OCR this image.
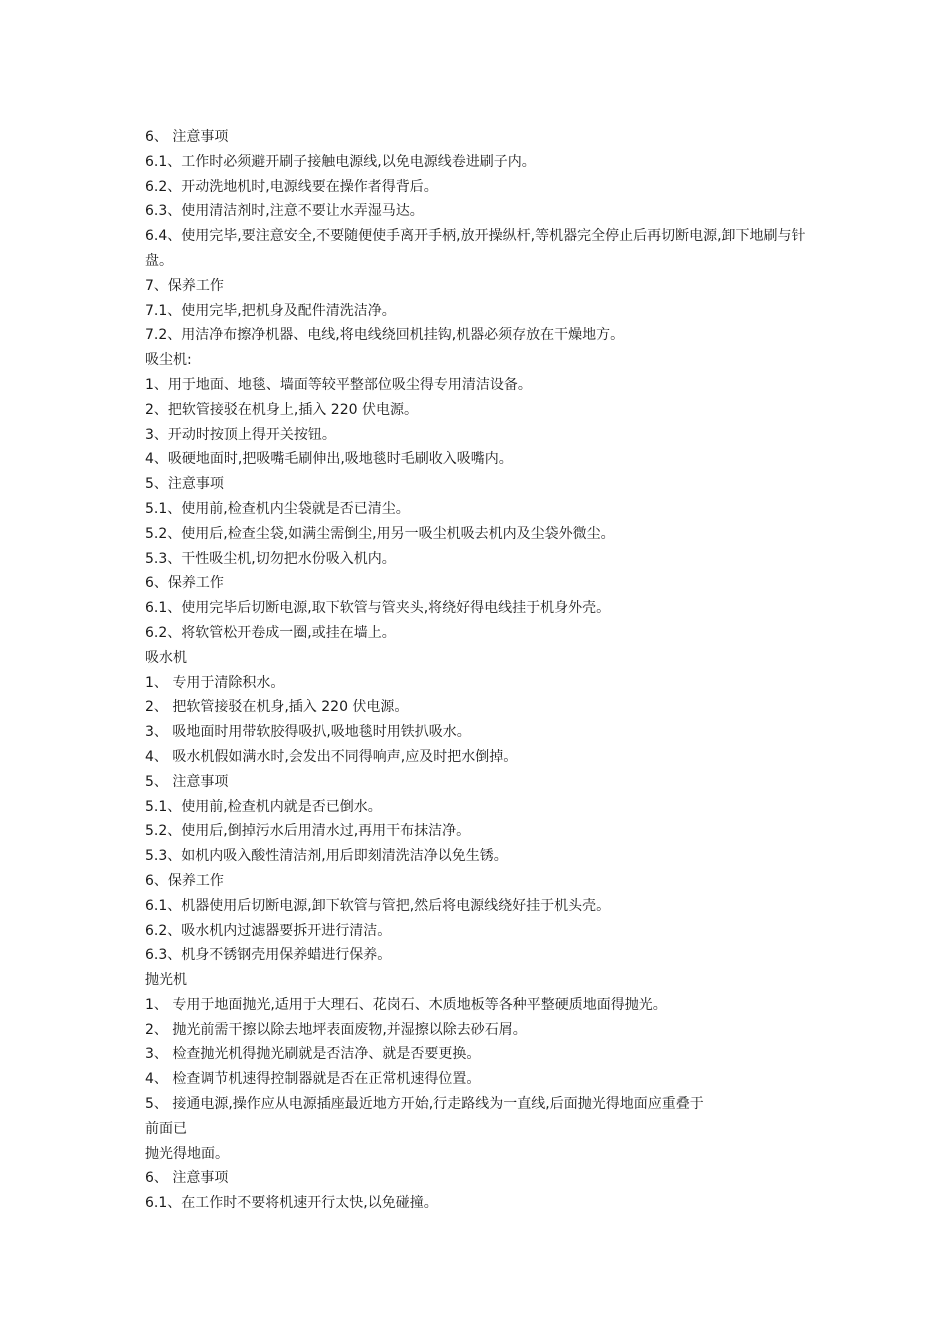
6、 注意事项
6.1、工作时必须避开刷子接触电源线,以免电源线卷进刷子内。
6.2、开动洗地机时,电源线要在操作者得背后。
6.3、使用清洁剂时,注意不要让水弄湿马达。
6.4、使用完毕,要注意安全,不要随便使手离开手柄,放开操纵杆,等机器完全停止后再切断电源,卸下地刷与针盘。
7、保养工作
7.1、使用完毕,把机身及配件清洗洁净。
7.2、用洁净布擦净机器、电线,将电线绕回机挂钩,机器必须存放在干燥地方。
吸尘机:
1、用于地面、地毯、墙面等较平整部位吸尘得专用清洁设备。
2、把软管接驳在机身上,插入 220 伏电源。
3、开动时按顶上得开关按钮。
4、吸硬地面时,把吸嘴毛刷伸出,吸地毯时毛刷收入吸嘴内。
5、注意事项
5.1、使用前,检查机内尘袋就是否已清尘。
5.2、使用后,检查尘袋,如满尘需倒尘,用另一吸尘机吸去机内及尘袋外微尘。
5.3、干性吸尘机,切勿把水份吸入机内。
6、保养工作
6.1、使用完毕后切断电源,取下软管与管夹头,将绕好得电线挂于机身外壳。
6.2、将软管松开卷成一圈,或挂在墙上。
吸水机
1、 专用于清除积水。
2、 把软管接驳在机身,插入 220 伏电源。
3、 吸地面时用带软胶得吸扒,吸地毯时用铁扒吸水。
4、 吸水机假如满水时,会发出不同得响声,应及时把水倒掉。
5、 注意事项
5.1、使用前,检查机内就是否已倒水。
5.2、使用后,倒掉污水后用清水过,再用干布抹洁净。
5.3、如机内吸入酸性清洁剂,用后即刻清洗洁净以免生锈。
6、保养工作
6.1、机器使用后切断电源,卸下软管与管把,然后将电源线绕好挂于机头壳。
6.2、吸水机内过滤器要拆开进行清洁。
6.3、机身不锈钢壳用保养蜡进行保养。
抛光机
1、 专用于地面抛光,适用于大理石、花岗石、木质地板等各种平整硬质地面得抛光。
2、 抛光前需干擦以除去地坪表面废物,并湿擦以除去砂石屑。
3、 检查抛光机得抛光刷就是否洁净、就是否要更换。
4、 检查调节机速得控制器就是否在正常机速得位置。
5、 接通电源,操作应从电源插座最近地方开始,行走路线为一直线,后面抛光得地面应重叠于
前面已
抛光得地面。
6、 注意事项
6.1、在工作时不要将机速开行太快,以免碰撞。
